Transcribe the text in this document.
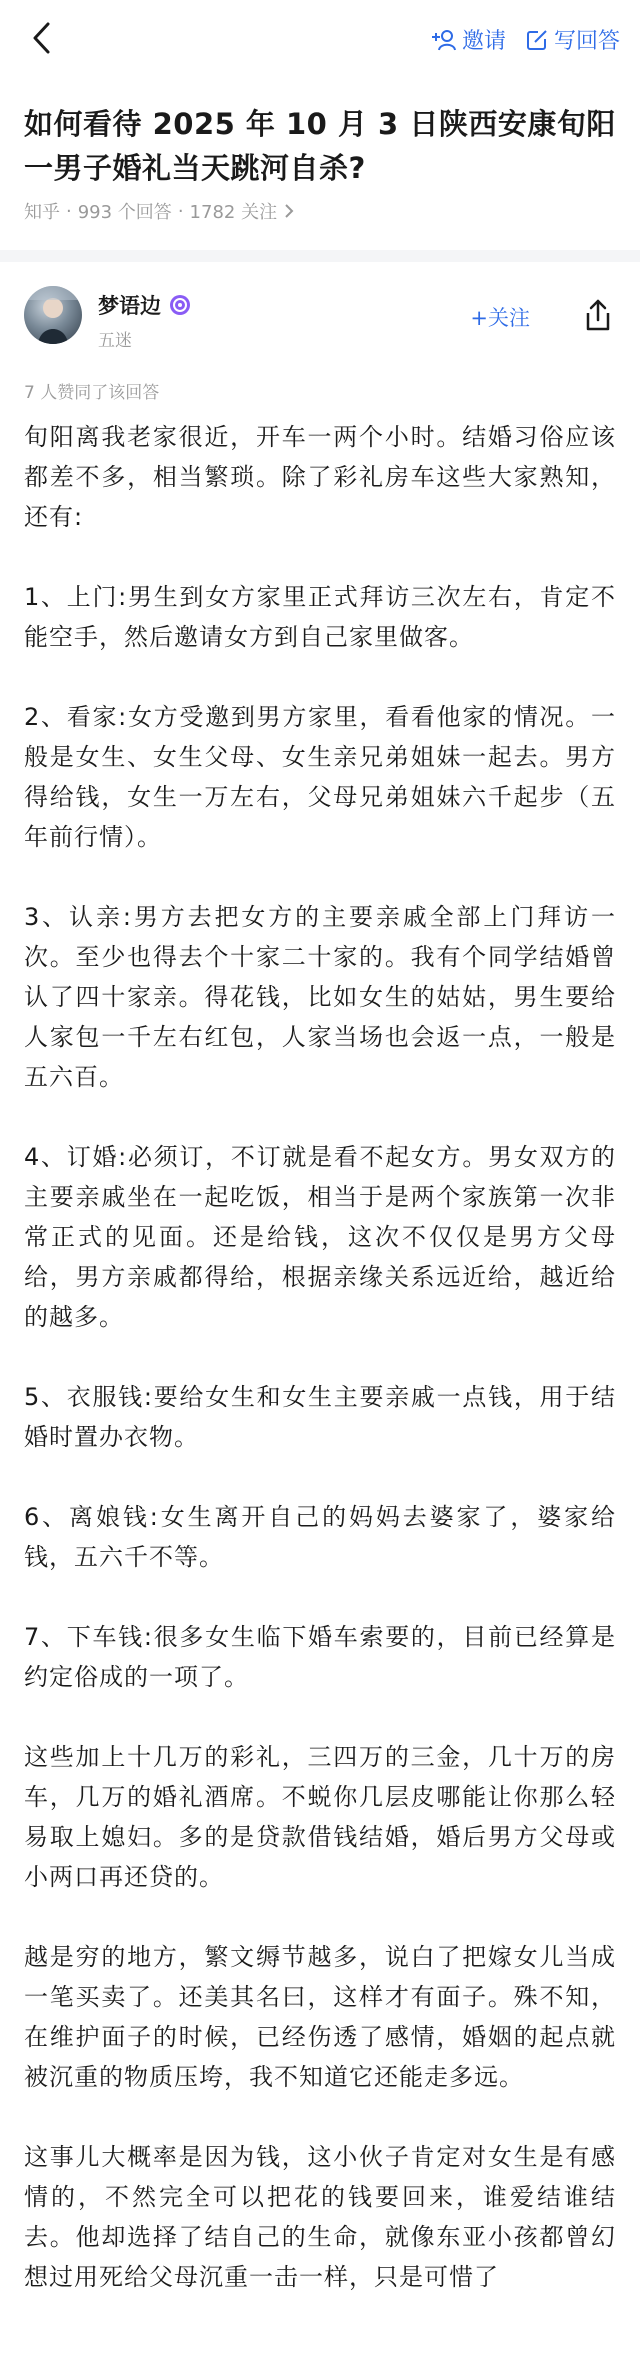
邀请 写回答
如何看待 2025 年 10 月 3 日陕西安康旬阳一男子婚礼当天跳河自杀?
知乎 · 993 个回答 · 1782 关注
梦语边
五迷
+关注
7 人赞同了该回答

旬阳离我老家很近，开车一两个小时。结婚习俗应该都差不多，相当繁琐。除了彩礼房车这些大家熟知，还有:

1、上门:男生到女方家里正式拜访三次左右，肯定不能空手，然后邀请女方到自己家里做客。

2、看家:女方受邀到男方家里，看看他家的情况。一般是女生、女生父母、女生亲兄弟姐妹一起去。男方得给钱，女生一万左右，父母兄弟姐妹六千起步（五年前行情）。

3、认亲:男方去把女方的主要亲戚全部上门拜访一次。至少也得去个十家二十家的。我有个同学结婚曾认了四十家亲。得花钱，比如女生的姑姑，男生要给人家包一千左右红包，人家当场也会返一点，一般是五六百。

4、订婚:必须订，不订就是看不起女方。男女双方的主要亲戚坐在一起吃饭，相当于是两个家族第一次非常正式的见面。还是给钱，这次不仅仅是男方父母给，男方亲戚都得给，根据亲缘关系远近给，越近给的越多。

5、衣服钱:要给女生和女生主要亲戚一点钱，用于结婚时置办衣物。

6、离娘钱:女生离开自己的妈妈去婆家了，婆家给钱，五六千不等。

7、下车钱:很多女生临下婚车索要的，目前已经算是约定俗成的一项了。

这些加上十几万的彩礼，三四万的三金，几十万的房车，几万的婚礼酒席。不蜕你几层皮哪能让你那么轻易取上媳妇。多的是贷款借钱结婚，婚后男方父母或小两口再还贷的。

越是穷的地方，繁文缛节越多，说白了把嫁女儿当成一笔买卖了。还美其名曰，这样才有面子。殊不知，在维护面子的时候，已经伤透了感情，婚姻的起点就被沉重的物质压垮，我不知道它还能走多远。

这事儿大概率是因为钱，这小伙子肯定对女生是有感情的，不然完全可以把花的钱要回来，谁爱结谁结去。他却选择了结自己的生命，就像东亚小孩都曾幻想过用死给父母沉重一击一样，只是可惜了
